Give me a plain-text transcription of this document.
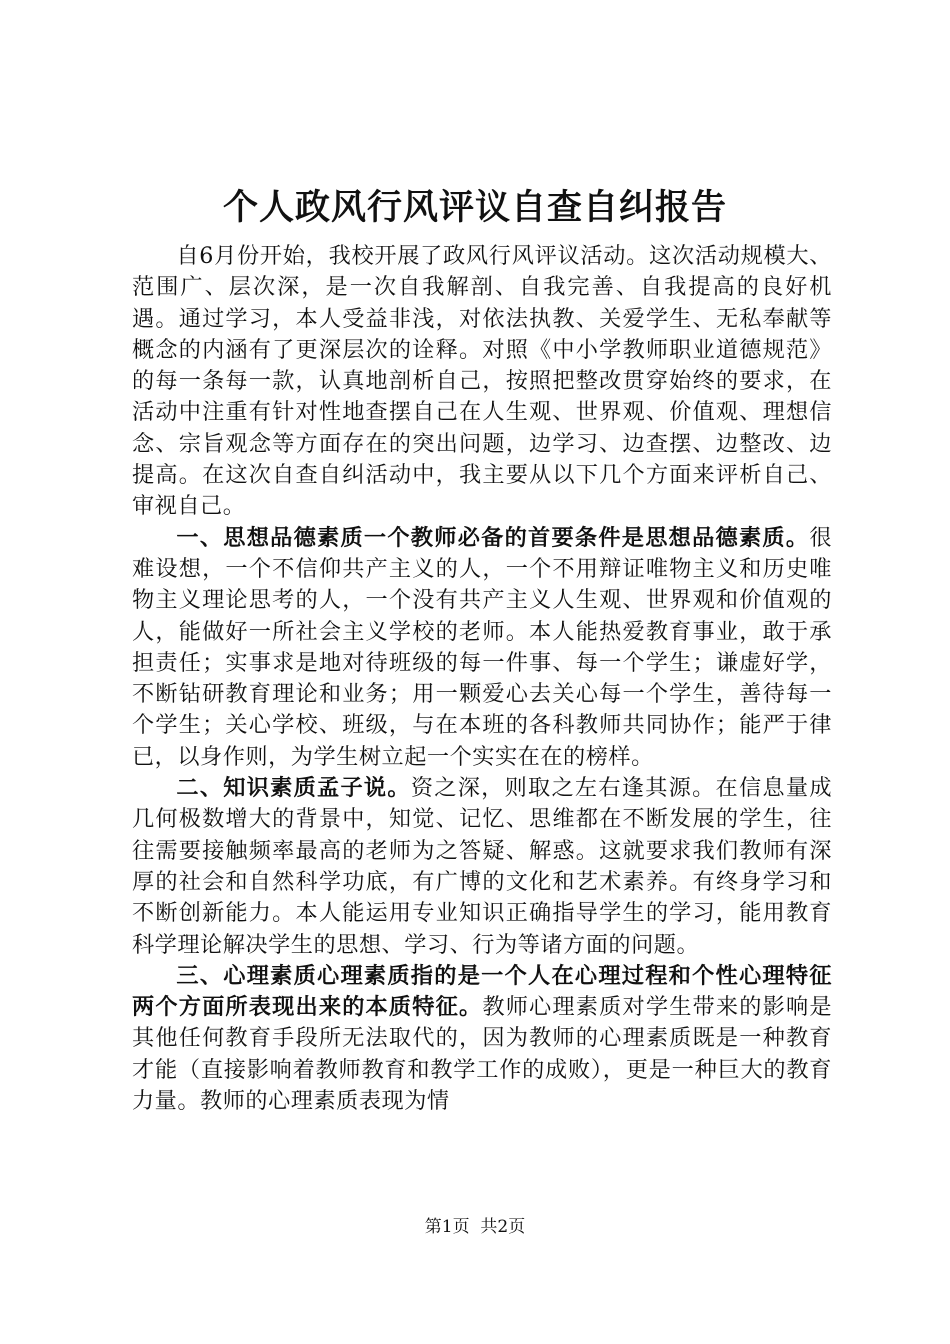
个人政风行风评议自查自纠报告

自6月份开始，我校开展了政风行风评议活动。这次活动规模大、范围广、层次深，是一次自我解剖、自我完善、自我提高的良好机遇。通过学习，本人受益非浅，对依法执教、关爱学生、无私奉献等概念的内涵有了更深层次的诠释。对照《中小学教师职业道德规范》的每一条每一款，认真地剖析自己，按照把整改贯穿始终的要求，在活动中注重有针对性地查摆自己在人生观、世界观、价值观、理想信念、宗旨观念等方面存在的突出问题，边学习、边查摆、边整改、边提高。在这次自查自纠活动中，我主要从以下几个方面来评析自己、审视自己。

一、思想品德素质一个教师必备的首要条件是思想品德素质。很难设想，一个不信仰共产主义的人，一个不用辩证唯物主义和历史唯物主义理论思考的人，一个没有共产主义人生观、世界观和价值观的人，能做好一所社会主义学校的老师。本人能热爱教育事业，敢于承担责任；实事求是地对待班级的每一件事、每一个学生；谦虚好学，不断钻研教育理论和业务；用一颗爱心去关心每一个学生，善待每一个学生；关心学校、班级，与在本班的各科教师共同协作；能严于律已，以身作则，为学生树立起一个实实在在的榜样。

二、知识素质孟子说。资之深，则取之左右逢其源。在信息量成几何极数增大的背景中，知觉、记忆、思维都在不断发展的学生，往往需要接触频率最高的老师为之答疑、解惑。这就要求我们教师有深厚的社会和自然科学功底，有广博的文化和艺术素养。有终身学习和不断创新能力。本人能运用专业知识正确指导学生的学习，能用教育科学理论解决学生的思想、学习、行为等诸方面的问题。

三、心理素质心理素质指的是一个人在心理过程和个性心理特征两个方面所表现出来的本质特征。教师心理素质对学生带来的影响是其他任何教育手段所无法取代的，因为教师的心理素质既是一种教育才能（直接影响着教师教育和教学工作的成败），更是一种巨大的教育力量。教师的心理素质表现为情

第1页  共2页
